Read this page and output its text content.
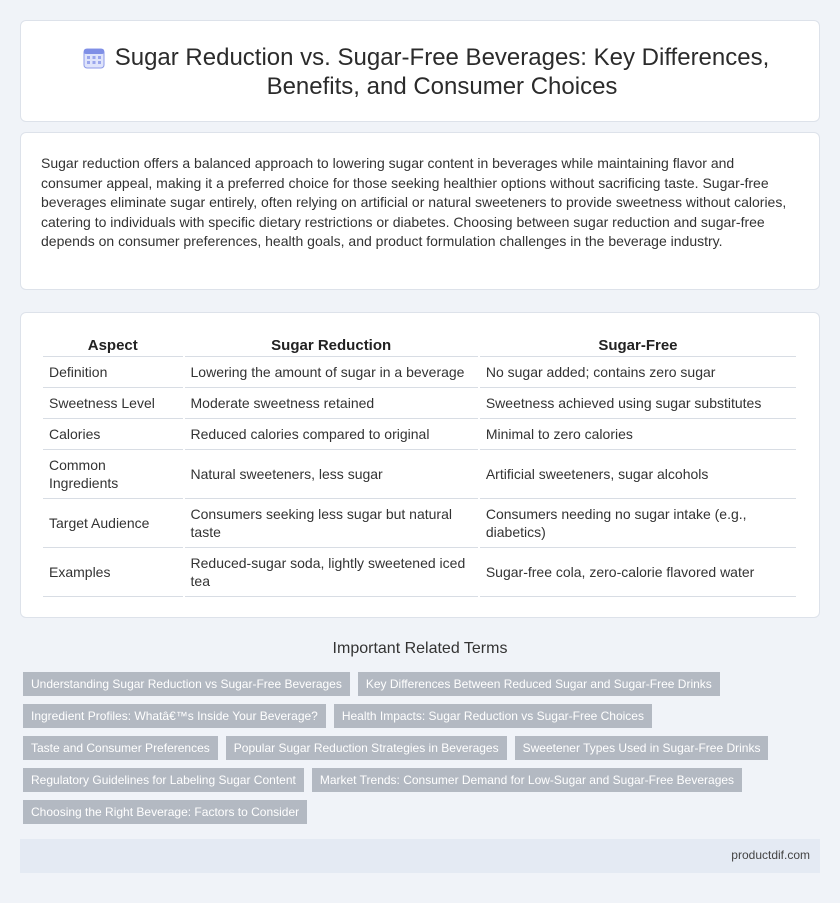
Sugar Reduction vs. Sugar-Free Beverages: Key Differences, Benefits, and Consumer Choices

Sugar reduction offers a balanced approach to lowering sugar content in beverages while maintaining flavor and consumer appeal, making it a preferred choice for those seeking healthier options without sacrificing taste. Sugar-free beverages eliminate sugar entirely, often relying on artificial or natural sweeteners to provide sweetness without calories, catering to individuals with specific dietary restrictions or diabetes. Choosing between sugar reduction and sugar-free depends on consumer preferences, health goals, and product formulation challenges in the beverage industry.

Aspect	Sugar Reduction	Sugar-Free
Definition	Lowering the amount of sugar in a beverage	No sugar added; contains zero sugar
Sweetness Level	Moderate sweetness retained	Sweetness achieved using sugar substitutes
Calories	Reduced calories compared to original	Minimal to zero calories
Common Ingredients	Natural sweeteners, less sugar	Artificial sweeteners, sugar alcohols
Target Audience	Consumers seeking less sugar but natural taste	Consumers needing no sugar intake (e.g., diabetics)
Examples	Reduced-sugar soda, lightly sweetened iced tea	Sugar-free cola, zero-calorie flavored water
Important Related Terms
Understanding Sugar Reduction vs Sugar-Free Beverages Key Differences Between Reduced Sugar and Sugar-Free Drinks
Ingredient Profiles: Whatâ€™s Inside Your Beverage? Health Impacts: Sugar Reduction vs Sugar-Free Choices
Taste and Consumer Preferences Popular Sugar Reduction Strategies in Beverages Sweetener Types Used in Sugar-Free Drinks
Regulatory Guidelines for Labeling Sugar Content Market Trends: Consumer Demand for Low-Sugar and Sugar-Free Beverages
Choosing the Right Beverage: Factors to Consider
productdif.com
